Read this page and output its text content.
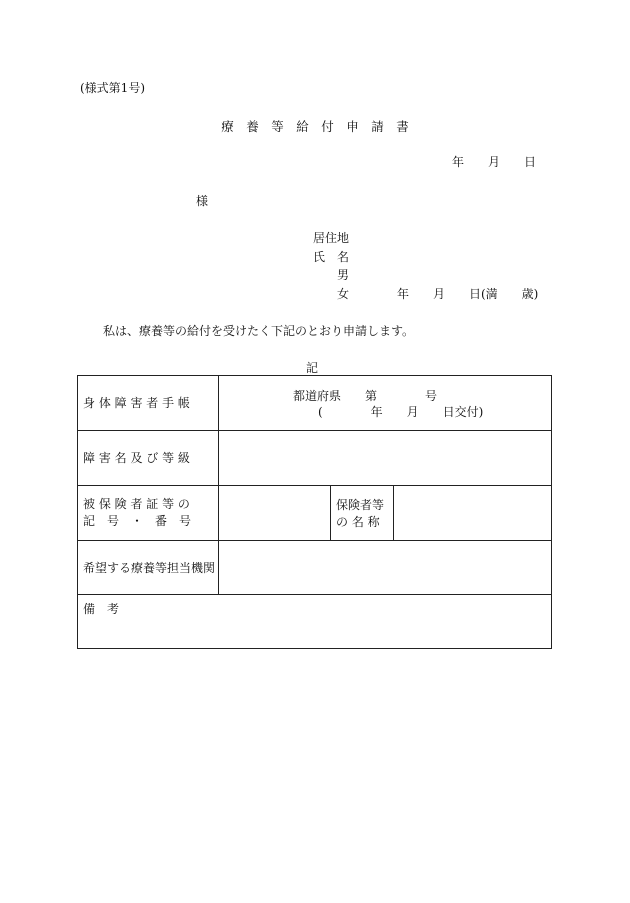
(様式第1号)
療　養　等　給　付　申　請　書
年　　月　　日
様
居住地
氏　名
男
女　　　　年　　月　　日(満　　歳)
私は、療養等の給付を受けたく下記のとおり申請します。
記
身 体 障 害 者 手 帳	都道府県　　第　　　　号
(　　　　年　　月　　日交付)
障 害 名 及 び 等 級
被 保 険 者 証 等 の
記　号　・　番　号
保険者等
の 名 称
希望する療養等担当機関
備　考
